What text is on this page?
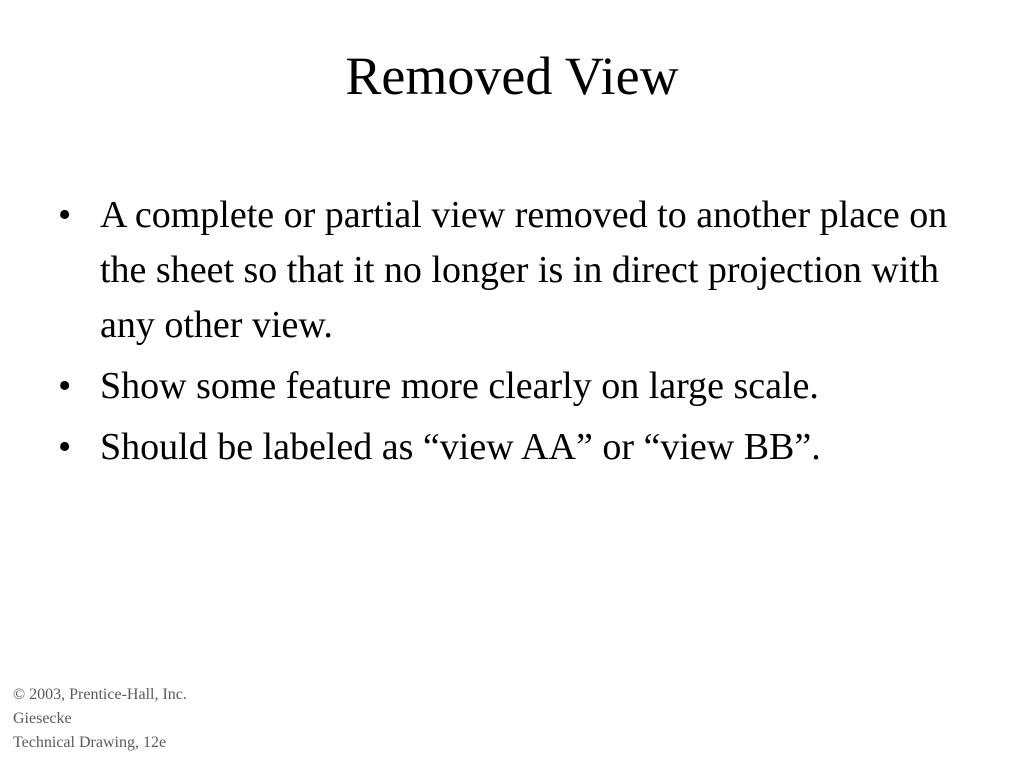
Removed View
• A complete or partial view removed to another place on the sheet so that it no longer is in direct projection with any other view.
• Show some feature more clearly on large scale.
• Should be labeled as “view AA” or “view BB”.
© 2003, Prentice-Hall, Inc.
Giesecke
Technical Drawing, 12e
